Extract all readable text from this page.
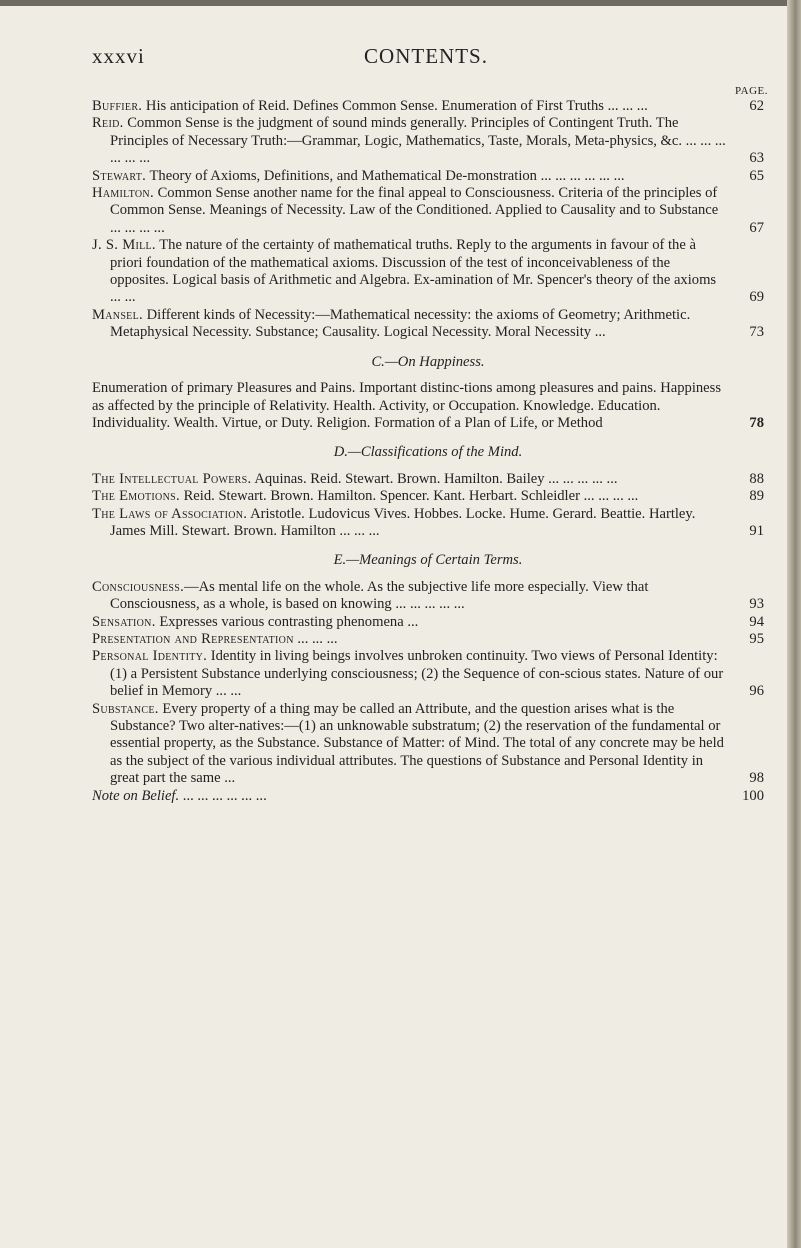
xxxvi	CONTENTS.
PAGE.
Buffier. His anticipation of Reid. Defines Common Sense. Enumeration of First Truths ... ... ...	62
Reid. Common Sense is the judgment of sound minds generally. Principles of Contingent Truth. The Principles of Necessary Truth:—Grammar, Logic, Mathematics, Taste, Morals, Meta-physics, &c. ... ... ... ... ... ...	63
Stewart. Theory of Axioms, Definitions, and Mathematical De-monstration ... ... ... ... ... ...	65
Hamilton. Common Sense another name for the final appeal to Consciousness. Criteria of the principles of Common Sense. Meanings of Necessity. Law of the Conditioned. Applied to Causality and to Substance ... ... ... ...	67
J. S. Mill. The nature of the certainty of mathematical truths. Reply to the arguments in favour of the à priori foundation of the mathematical axioms. Discussion of the test of inconceivableness of the opposites. Logical basis of Arithmetic and Algebra. Ex-amination of Mr. Spencer's theory of the axioms ... ...	69
Mansel. Different kinds of Necessity:—Mathematical necessity: the axioms of Geometry; Arithmetic. Metaphysical Necessity. Substance; Causality. Logical Necessity. Moral Necessity ...	73
C.—On Happiness.
Enumeration of primary Pleasures and Pains. Important distinc-tions among pleasures and pains. Happiness as affected by the principle of Relativity. Health. Activity, or Occupation. Knowledge. Education. Individuality. Wealth. Virtue, or Duty. Religion. Formation of a Plan of Life, or Method	78
D.—Classifications of the Mind.
The Intellectual Powers. Aquinas. Reid. Stewart. Brown. Hamilton. Bailey ... ... ... ... ...	88
The Emotions. Reid. Stewart. Brown. Hamilton. Spencer. Kant. Herbart. Schleidler ... ... ... ...	89
The Laws of Association. Aristotle. Ludovicus Vives. Hobbes. Locke. Hume. Gerard. Beattie. Hartley. James Mill. Stewart. Brown. Hamilton ... ... ...	91
E.—Meanings of Certain Terms.
Consciousness.—As mental life on the whole. As the subjective life more especially. View that Consciousness, as a whole, is based on knowing ... ... ... ... ...	93
Sensation. Expresses various contrasting phenomena ...	94
Presentation and Representation ... ... ...	95
Personal Identity. Identity in living beings involves unbroken continuity. Two views of Personal Identity: (1) a Persistent Substance underlying consciousness; (2) the Sequence of con-scious states. Nature of our belief in Memory ... ...	96
Substance. Every property of a thing may be called an Attribute, and the question arises what is the Substance? Two alter-natives:—(1) an unknowable substratum; (2) the reservation of the fundamental or essential property, as the Substance. Substance of Matter: of Mind. The total of any concrete may be held as the subject of the various individual attributes. The questions of Substance and Personal Identity in great part the same ...	98
Note on Belief. ... ... ... ... ... ...	100
